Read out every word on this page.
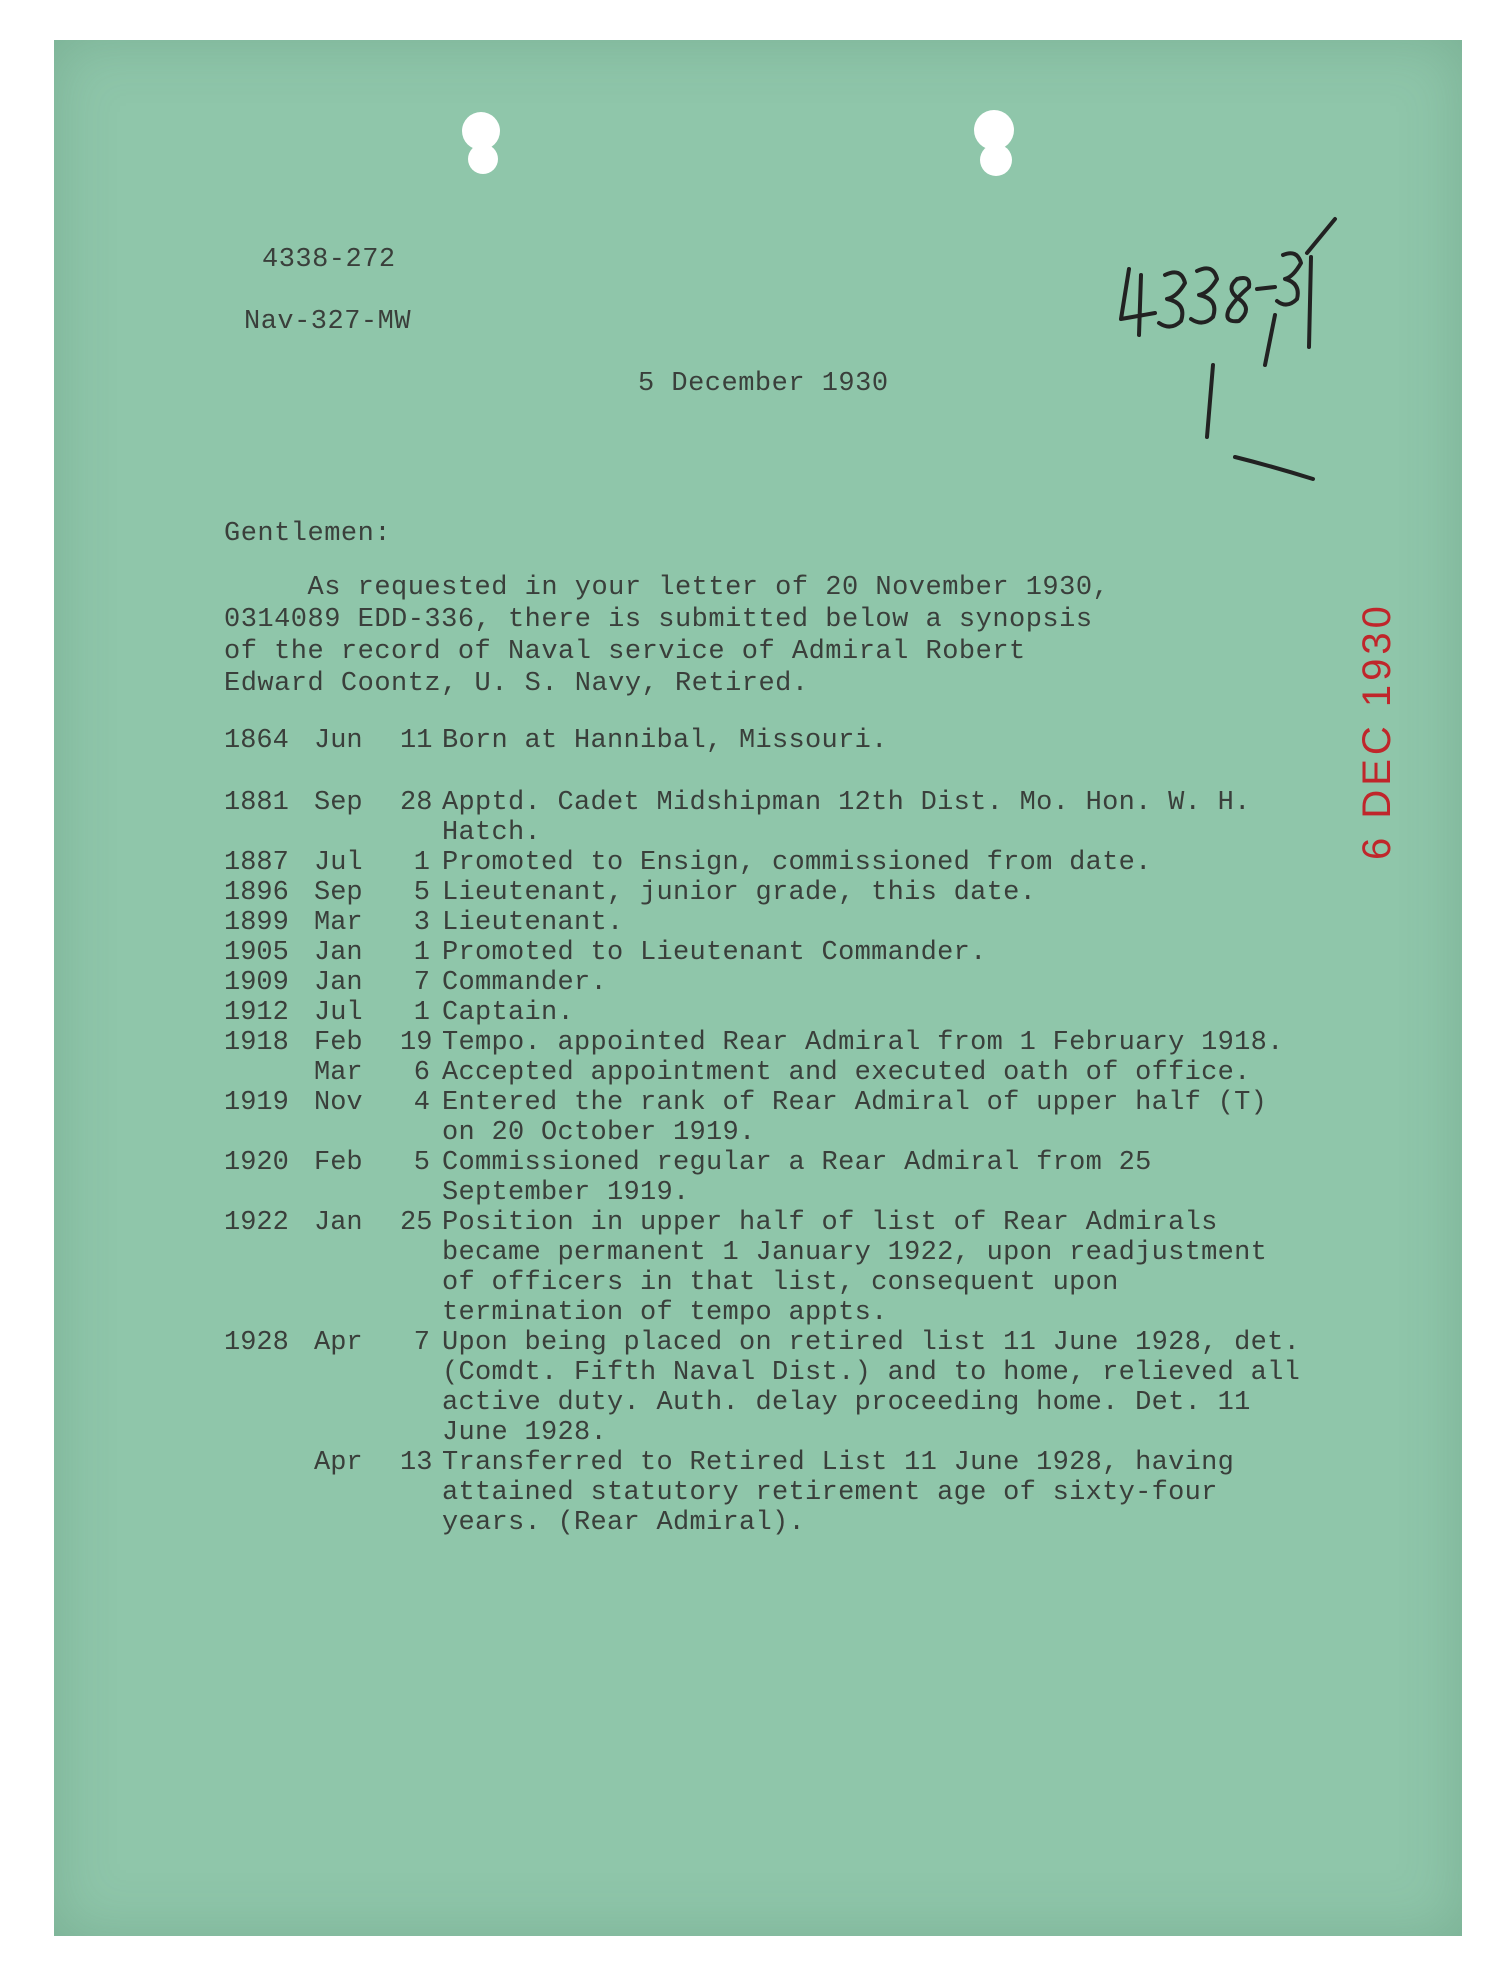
4338-272
Nav-327-MW
5 December 1930
6 DEC 1930
Gentlemen:
As requested in your letter of 20 November 1930,
0314089 EDD-336, there is submitted below a synopsis
of the record of Naval service of Admiral Robert
Edward Coontz, U. S. Navy, Retired.
1864 Jun 11 Born at Hannibal, Missouri.
1881 Sep 28 Apptd. Cadet Midshipman 12th Dist. Mo. Hon. W. H. Hatch.
1887 Jul 1 Promoted to Ensign, commissioned from date.
1896 Sep 5 Lieutenant, junior grade, this date.
1899 Mar 3 Lieutenant.
1905 Jan 1 Promoted to Lieutenant Commander.
1909 Jan 7 Commander.
1912 Jul 1 Captain.
1918 Feb 19 Tempo. appointed Rear Admiral from 1 February 1918.
Mar 6 Accepted appointment and executed oath of office.
1919 Nov 4 Entered the rank of Rear Admiral of upper half (T) on 20 October 1919.
1920 Feb 5 Commissioned regular a Rear Admiral from 25 September 1919.
1922 Jan 25 Position in upper half of list of Rear Admirals became permanent 1 January 1922, upon readjustment of officers in that list, consequent upon termination of tempo appts.
1928 Apr 7 Upon being placed on retired list 11 June 1928, det. (Comdt. Fifth Naval Dist.) and to home, relieved all active duty. Auth. delay proceeding home. Det. 11 June 1928.
Apr 13 Transferred to Retired List 11 June 1928, having attained statutory retirement age of sixty-four years. (Rear Admiral).
